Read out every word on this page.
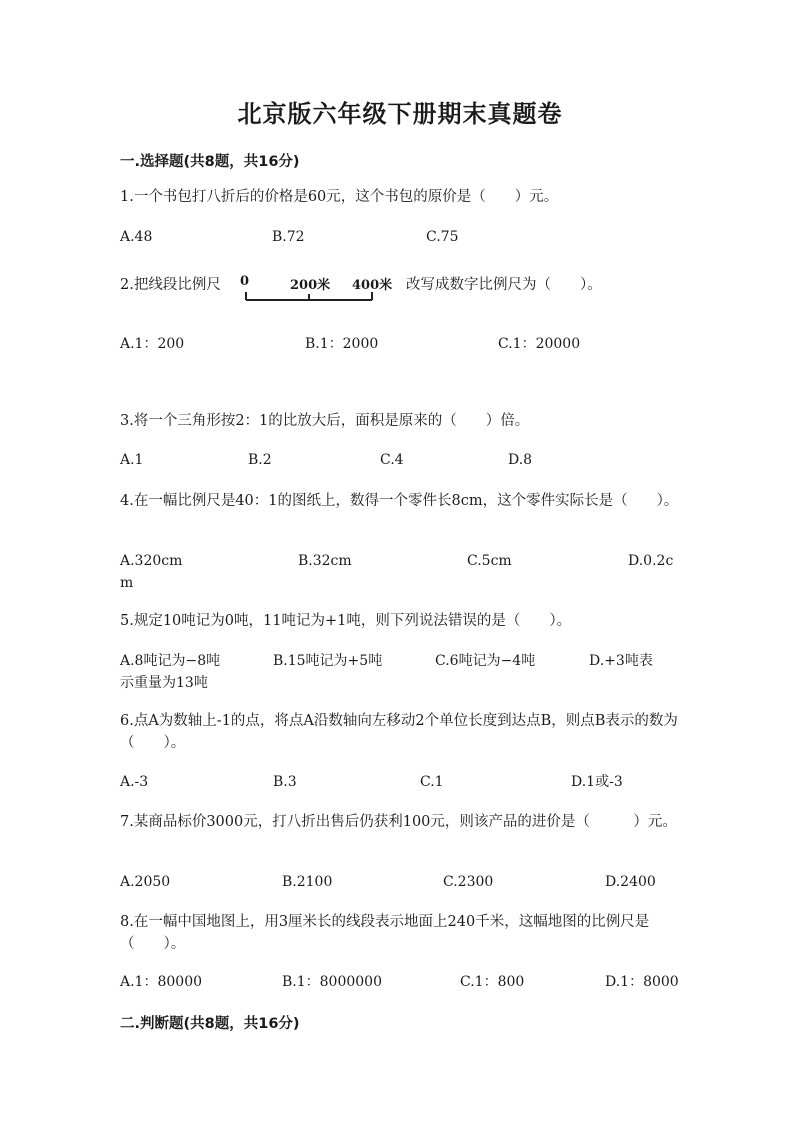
北京版六年级下册期末真题卷
一.选择题(共8题，共16分)
1.一个书包打八折后的价格是60元，这个书包的原价是（　　）元。
A.48	B.72	C.75
2.把线段比例尺 0	200米 400米 改写成数字比例尺为（　　）。
A.1：200	B.1：2000	C.1：20000
3.将一个三角形按2：1的比放大后，面积是原来的（　　）倍。
A.1	B.2	C.4	D.8
4.在一幅比例尺是40：1的图纸上，数得一个零件长8cm，这个零件实际长是（　　）。
A.320cm	B.32cm	C.5cm	D.0.2c
m
5.规定10吨记为0吨，11吨记为+1吨，则下列说法错误的是（　　）。
A.8吨记为−8吨	B.15吨记为+5吨	C.6吨记为−4吨	D.+3吨表
示重量为13吨
6.点A为数轴上-1的点，将点A沿数轴向左移动2个单位长度到达点B，则点B表示的数为（　　）。
A.-3	B.3	C.1	D.1或-3
7.某商品标价3000元，打八折出售后仍获利100元，则该产品的进价是（　　　）元。
A.2050	B.2100	C.2300	D.2400
8.在一幅中国地图上，用3厘米长的线段表示地面上240千米，这幅地图的比例尺是（　　）。
A.1：80000	B.1：8000000	C.1：800	D.1：8000
二.判断题(共8题，共16分)
